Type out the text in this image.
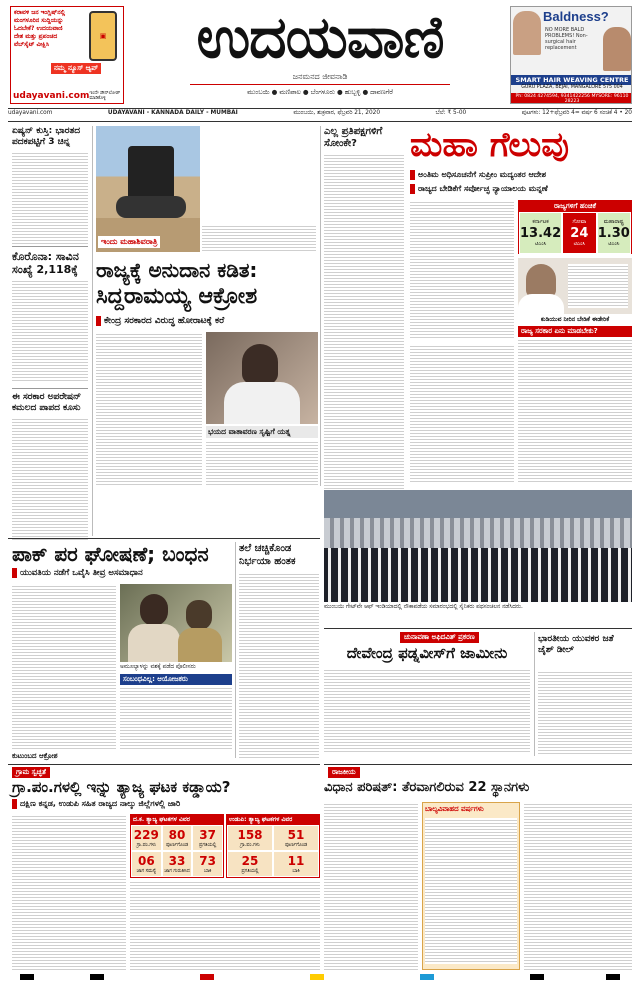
ಕರಾವಳಿ ಜನ ಇಂಗ್ಲಿಷ್‌ನಲ್ಲಿ
ಮಂಗಳೂರಿನ ಸುದ್ದಿಯನ್ನು
ಓದಬೇಕೆ? ಉದಯವಾಣಿ
ದೇಶ ಮತ್ತು ಪ್ರಪಂಚದ
ವೆಬ್‌ಸೈಟ್ ವೀಕ್ಷಿಸಿ
▣
ನಮ್ಮ ನ್ಯೂಸ್ ಆ್ಯಪ್
udayavani.com ಇಂದೇ ಡೌನ್‌ಲೋಡ್ ಮಾಡಿಕೊಳ್ಳಿ
ಉದಯವಾಣಿ
ಜನಮನದ ಜೀವನಾಡಿ
ಮುಂಬಯಿ ● ಮಣಿಪಾಲ ● ಬೆಂಗಳೂರು ● ಹುಬ್ಬಳ್ಳಿ ● ದಾವಣಗೆರೆ
Baldness?
NO MORE BALD PROBLEMS! Non-surgical hair replacement
SMART HAIR WEAVING CENTRE
GURU PLAZA, BEJAI, MANGALORE 575 004
Ph: 0824 4274594, 9341422256 MYSORE: 96110 28223
udayavani.com	UDAYAVANI - KANNADA DAILY - MUMBAI	ಮುಂಬಯಿ, ಶುಕ್ರವಾರ, ಫೆಬ್ರವರಿ 21, 2020	ಬೆಲೆ: ₹ 5-00	ಪುಟಗಳು: 12+ಫೆಬ್ರವರಿ 4= ವರ್ಷ 6 ಸಂಚಿಕೆ 4 • 20
ಏಷ್ಯನ್ ಕುಸ್ತಿ: ಭಾರತದ ಪದಕಪಟ್ಟಿಗೆ 3 ಚಿನ್ನ
ಕೊರೊನಾ: ಸಾವಿನ ಸಂಖ್ಯೆ 2,118ಕ್ಕೆ
ಈ ಸರಕಾರ ಅಪರೇಷನ್ ಕಮಲದ ಪಾಪದ ಕೂಸು
ಇಂದು ಮಹಾಶಿವರಾತ್ರಿ
ಎಲ್ಲ ಪ್ರತಿಪಕ್ಷಗಳಿಗೆ ಸೋಂಕೇ?
ರಾಜ್ಯಕ್ಕೆ ಅನುದಾನ ಕಡಿತ:
ಸಿದ್ದರಾಮಯ್ಯ ಆಕ್ರೋಶ
ಕೇಂದ್ರ ಸರಕಾರದ ವಿರುದ್ಧ ಹೋರಾಟಕ್ಕೆ ಕರೆ
ಭಯದ ವಾತಾವರಣ ಸೃಷ್ಟಿಗೆ ಯತ್ನ
ಮಹಾ ಗೆಲುವು
ಅಂತಿಮ ಅಧಿಸೂಚನೆಗೆ ಸುಪ್ರೀಂ ಮದ್ಯಂತರ ಆದೇಶ
ರಾಜ್ಯದ ಬೇಡಿಕೆಗೆ ಸರ್ವೋಚ್ಛ ನ್ಯಾಯಾಲಯ ಮನ್ನಣೆ
ರಾಜ್ಯಗಳಿಗೆ ಹಂಚಿಕೆ
ಕರ್ನಾಟಕ
13.42
ಟಿಎಂಸಿ
ಗೋವಾ
24
ಟಿಎಂಸಿ
ಮಹಾರಾಷ್ಟ್ರ
1.30
ಟಿಎಂಸಿ
ಕುಡಿಯುವ ನೀರಿನ ಬೇಡಿಕೆ ಈಡೇರಿಕೆ
ರಾಜ್ಯ ಸರಕಾರ ಏನು ಮಾಡಬೇಕು?
ಮುಂಬಯಿ ಗೇಟ್‌ವೇ ಆಫ್ ಇಂಡಿಯಾದಲ್ಲಿ ನೌಕಾಪಡೆಯ ಸಮಾರಂಭದಲ್ಲಿ ಸೈನಿಕರು ಪಥಸಂಚಲನ ನಡೆಸಿದರು.
ಪಾಕ್ ಪರ ಘೋಷಣೆ; ಬಂಧನ
ಯುವತಿಯ ನಡೆಗೆ ಒವೈಸಿ ತೀವ್ರ ಅಸಮಾಧಾನ
ಅಮೂಲ್ಯಾಳನ್ನು ವಶಕ್ಕೆ ಪಡೆದ ಪೊಲೀಸರು
ಸಂಬಂಧವಿಲ್ಲ: ಆಯೋಜಕರು
ಕುಟುಂಬದ ಆಕ್ರೋಶ
ತಲೆ ಚಚ್ಚಿಕೊಂಡ ನಿರ್ಭಯಾ ಹಂತಕ
ಚುನಾವಣಾ ಅಫಿದವಿತ್ ಪ್ರಕರಣ
ದೇವೇಂದ್ರ ಫ‌ಡ್ನವೀಸ್‌ಗೆ ಜಾಮೀನು
ಭಾರತೀಯ ಯುವಕರ ಜತೆ ಜೈಶ್ ಡೀಲ್
ಗ್ರಾಮ ಸ್ವಚ್ಛತೆ
ಗ್ರಾ.ಪಂ.ಗಳಲ್ಲಿ ಇನ್ನು ತ್ಯಾಜ್ಯ ಘಟಕ ಕಡ್ಡಾಯ?
ದಕ್ಷಿಣ ಕನ್ನಡ, ಉಡುಪಿ ಸಹಿತ ರಾಜ್ಯದ ನಾಲ್ಕು ಜಿಲ್ಲೆಗಳಲ್ಲಿ ಜಾರಿ
ದ.ಕ. ತ್ಯಾಜ್ಯ ಘಟಕಗಳ ವಿವರ
229
ಗ್ರಾ.ಪಂ.ಗಳು
80
ಪೂರ್ಣಗೊಂಡ
37
ಪ್ರಗತಿಯಲ್ಲಿ
06
ಜಾಗ ಸಮಸ್ಯೆ
33
ಜಾಗ ಗುರುತಿಸಿದ
73
ಬಾಕಿ
ಉಡುಪಿ: ತ್ಯಾಜ್ಯ ಘಟಕಗಳ ವಿವರ
158
ಗ್ರಾ.ಪಂ.ಗಳು
51
ಪೂರ್ಣಗೊಂಡ
25
ಪ್ರಗತಿಯಲ್ಲಿ
11
ಬಾಕಿ
ರಾಜಕೀಯ
ವಿಧಾನ ಪರಿಷತ್: ತೆರವಾಗಲಿರುವ 22 ಸ್ಥಾನಗಳು
ಬಾಲ್ಯವಿವಾಹದ ವರ್ಷಗಳು
